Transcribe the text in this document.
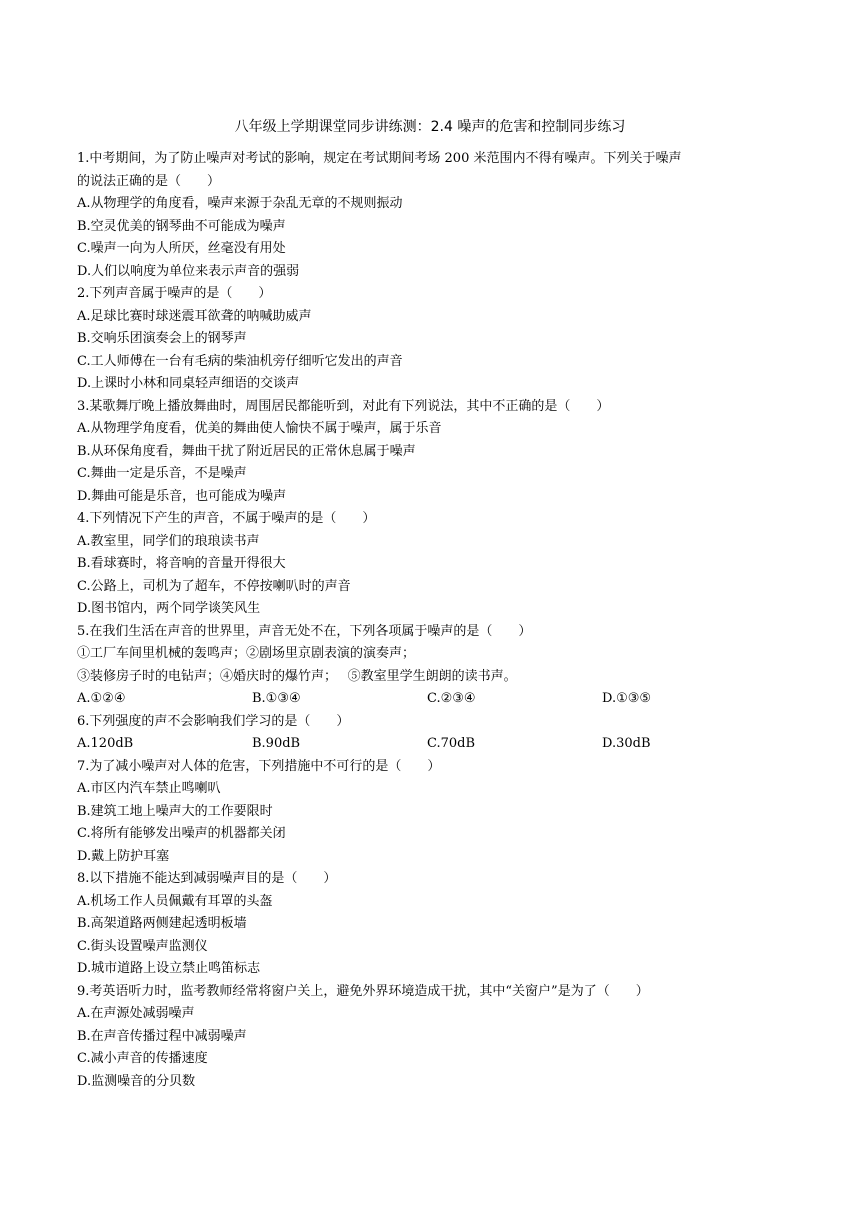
八年级上学期课堂同步讲练测：2.4 噪声的危害和控制同步练习
1.中考期间，为了防止噪声对考试的影响，规定在考试期间考场 200 米范围内不得有噪声。下列关于噪声
的说法正确的是（　　）
A.从物理学的角度看，噪声来源于杂乱无章的不规则振动
B.空灵优美的钢琴曲不可能成为噪声
C.噪声一向为人所厌，丝毫没有用处
D.人们以响度为单位来表示声音的强弱
2.下列声音属于噪声的是（　　）
A.足球比赛时球迷震耳欲聋的呐喊助威声
B.交响乐团演奏会上的钢琴声
C.工人师傅在一台有毛病的柴油机旁仔细听它发出的声音
D.上课时小林和同桌轻声细语的交谈声
3.某歌舞厅晚上播放舞曲时，周围居民都能听到，对此有下列说法，其中不正确的是（　　）
A.从物理学角度看，优美的舞曲使人愉快不属于噪声，属于乐音
B.从环保角度看，舞曲干扰了附近居民的正常休息属于噪声
C.舞曲一定是乐音，不是噪声
D.舞曲可能是乐音，也可能成为噪声
4.下列情况下产生的声音，不属于噪声的是（　　）
A.教室里，同学们的琅琅读书声
B.看球赛时，将音响的音量开得很大
C.公路上，司机为了超车，不停按喇叭时的声音
D.图书馆内，两个同学谈笑风生
5.在我们生活在声音的世界里，声音无处不在，下列各项属于噪声的是（　　）
①工厂车间里机械的轰鸣声；②剧场里京剧表演的演奏声；
③装修房子时的电钻声；④婚庆时的爆竹声；　 ⑤教室里学生朗朗的读书声。
A.①②④	B.①③④	C.②③④	D.①③⑤
6.下列强度的声不会影响我们学习的是（　　）
A.120dB	B.90dB	C.70dB	D.30dB
7.为了减小噪声对人体的危害，下列措施中不可行的是（　　）
A.市区内汽车禁止鸣喇叭
B.建筑工地上噪声大的工作要限时
C.将所有能够发出噪声的机器都关闭
D.戴上防护耳塞
8.以下措施不能达到减弱噪声目的是（　　）
A.机场工作人员佩戴有耳罩的头盔
B.高架道路两侧建起透明板墙
C.街头设置噪声监测仪
D.城市道路上设立禁止鸣笛标志
9.考英语听力时，监考教师经常将窗户关上，避免外界环境造成干扰，其中“关窗户”是为了（　　）
A.在声源处减弱噪声
B.在声音传播过程中减弱噪声
C.减小声音的传播速度
D.监测噪音的分贝数
